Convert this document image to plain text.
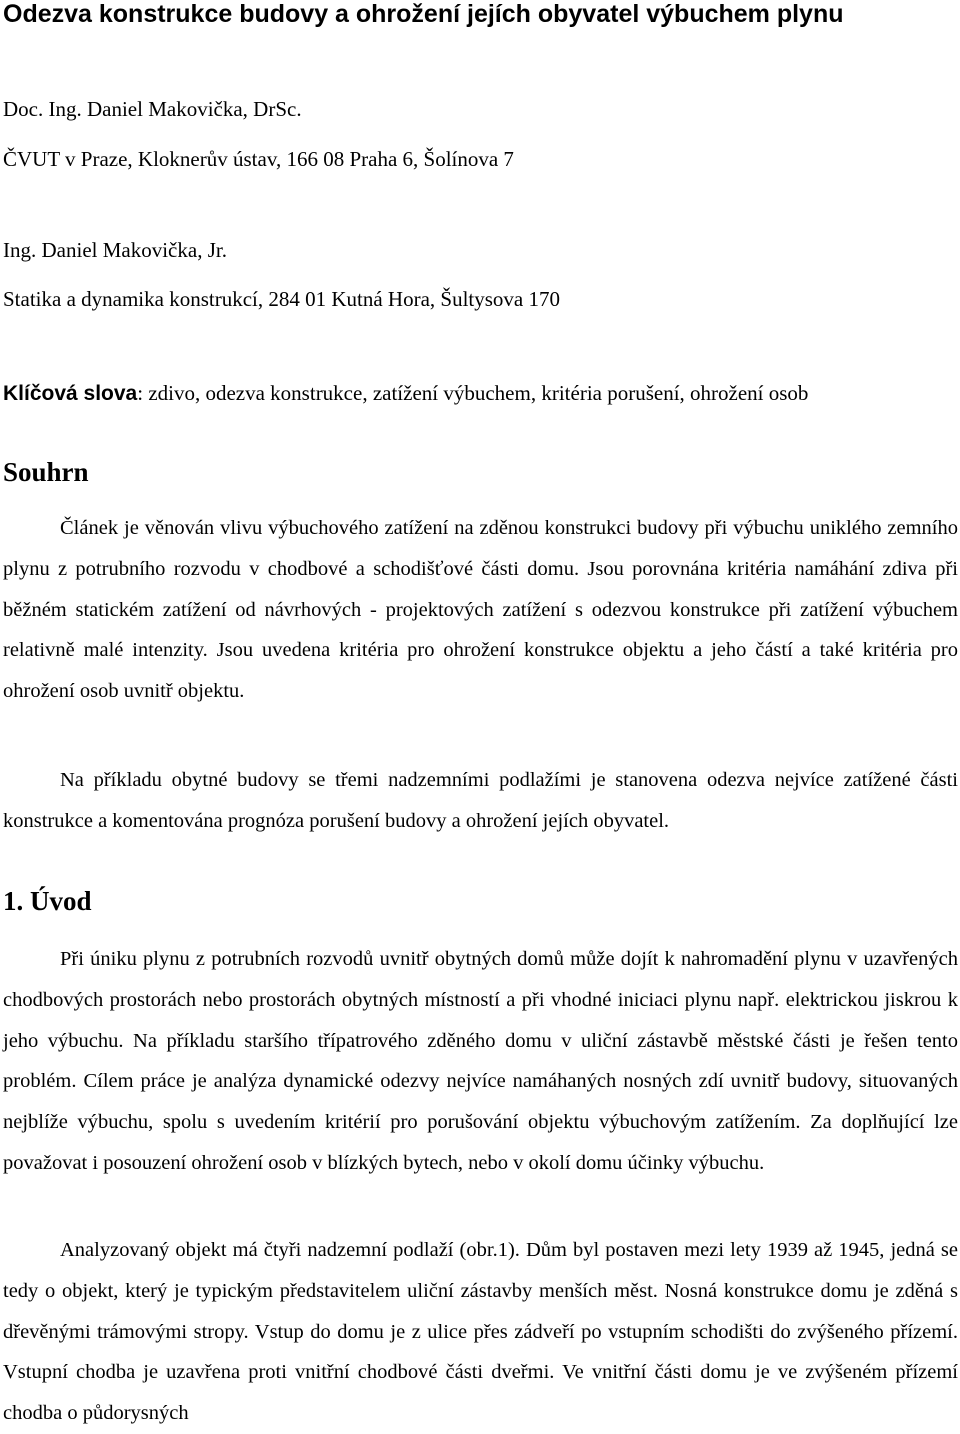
Odezva konstrukce budovy a ohrožení jejích obyvatel výbuchem plynu
Doc. Ing. Daniel Makovička, DrSc.
ČVUT v Praze, Kloknerův ústav, 166 08 Praha 6, Šolínova 7
Ing. Daniel Makovička, Jr.
Statika a dynamika konstrukcí, 284 01 Kutná Hora, Šultysova 170
Klíčová slova: zdivo, odezva konstrukce, zatížení výbuchem, kritéria porušení, ohrožení osob
Souhrn

Článek je věnován vlivu výbuchového zatížení na zděnou konstrukci budovy při výbuchu uniklého zemního plynu z potrubního rozvodu v chodbové a schodišťové části domu. Jsou porovnána kritéria namáhání zdiva při běžném statickém zatížení od návrhových - projektových zatížení s odezvou konstrukce při zatížení výbuchem relativně malé intenzity. Jsou uvedena kritéria pro ohrožení konstrukce objektu a jeho částí a také kritéria pro ohrožení osob uvnitř objektu.

Na příkladu obytné budovy se třemi nadzemními podlažími je stanovena odezva nejvíce zatížené části konstrukce a komentována prognóza porušení budovy a ohrožení jejích obyvatel.

1. Úvod

Při úniku plynu z potrubních rozvodů uvnitř obytných domů může dojít k nahromadění plynu v uzavřených chodbových prostorách nebo prostorách obytných místností a při vhodné iniciaci plynu např. elektrickou jiskrou k jeho výbuchu. Na příkladu staršího třípatrového zděného domu v uliční zástavbě městské části je řešen tento problém. Cílem práce je analýza dynamické odezvy nejvíce namáhaných nosných zdí uvnitř budovy, situovaných nejblíže výbuchu, spolu s uvedením kritérií pro porušování objektu výbuchovým zatížením. Za doplňující lze považovat i posouzení ohrožení osob v blízkých bytech, nebo v okolí domu účinky výbuchu.

Analyzovaný objekt má čtyři nadzemní podlaží (obr.1). Dům byl postaven mezi lety 1939 až 1945, jedná se tedy o objekt, který je typickým představitelem uliční zástavby menších měst. Nosná konstrukce domu je zděná s dřevěnými trámovými stropy. Vstup do domu je z ulice přes zádveří po vstupním schodišti do zvýšeného přízemí. Vstupní chodba je uzavřena proti vnitřní chodbové části dveřmi. Ve vnitřní části domu je ve zvýšeném přízemí chodba o půdorysných
